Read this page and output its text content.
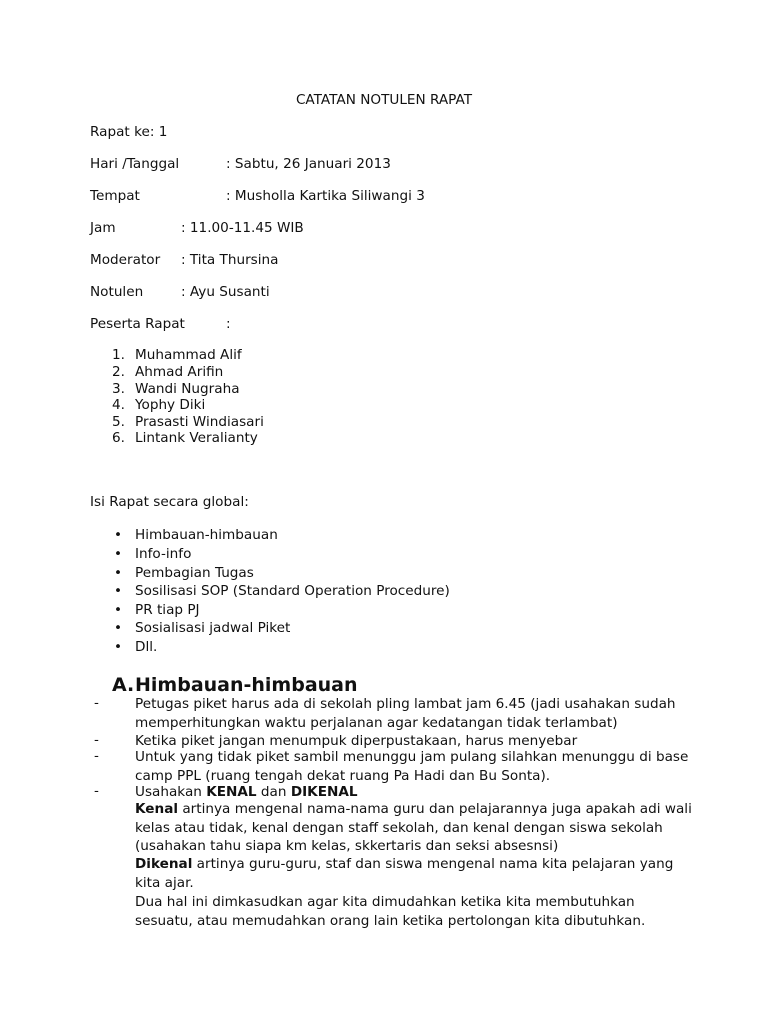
CATATAN NOTULEN RAPAT
Rapat ke: 1
Hari /Tanggal	: Sabtu, 26 Januari 2013
Tempat	: Musholla Kartika Siliwangi 3
Jam	: 11.00-11.45 WIB
Moderator : Tita Thursina
Notulen	: Ayu Susanti
Peserta Rapat	:
1. Muhammad Alif
2. Ahmad Arifin
3. Wandi Nugraha
4. Yophy Diki
5. Prasasti Windiasari
6. Lintank Veralianty
Isi Rapat secara global:
• Himbauan-himbauan
• Info-info
• Pembagian Tugas
• Sosilisasi SOP (Standard Operation Procedure)
• PR tiap PJ
• Sosialisasi jadwal Piket
• Dll.
A. Himbauan-himbauan
-	Petugas piket harus ada di sekolah pling lambat jam 6.45 (jadi usahakan sudah memperhitungkan waktu perjalanan agar kedatangan tidak terlambat)
-	Ketika piket jangan menumpuk diperpustakaan, harus menyebar
-	Untuk yang tidak piket sambil menunggu jam pulang silahkan menunggu di base camp PPL (ruang tengah dekat ruang Pa Hadi dan Bu Sonta).
-	Usahakan KENAL dan DIKENAL
Kenal artinya mengenal nama-nama guru dan pelajarannya juga apakah adi wali kelas atau tidak, kenal dengan staff sekolah, dan kenal dengan siswa sekolah (usahakan tahu siapa km kelas, skkertaris dan seksi absesnsi)
Dikenal artinya guru-guru, staf dan siswa mengenal nama kita pelajaran yang kita ajar.
Dua hal ini dimkasudkan agar kita dimudahkan ketika kita membutuhkan sesuatu, atau memudahkan orang lain ketika pertolongan kita dibutuhkan.
